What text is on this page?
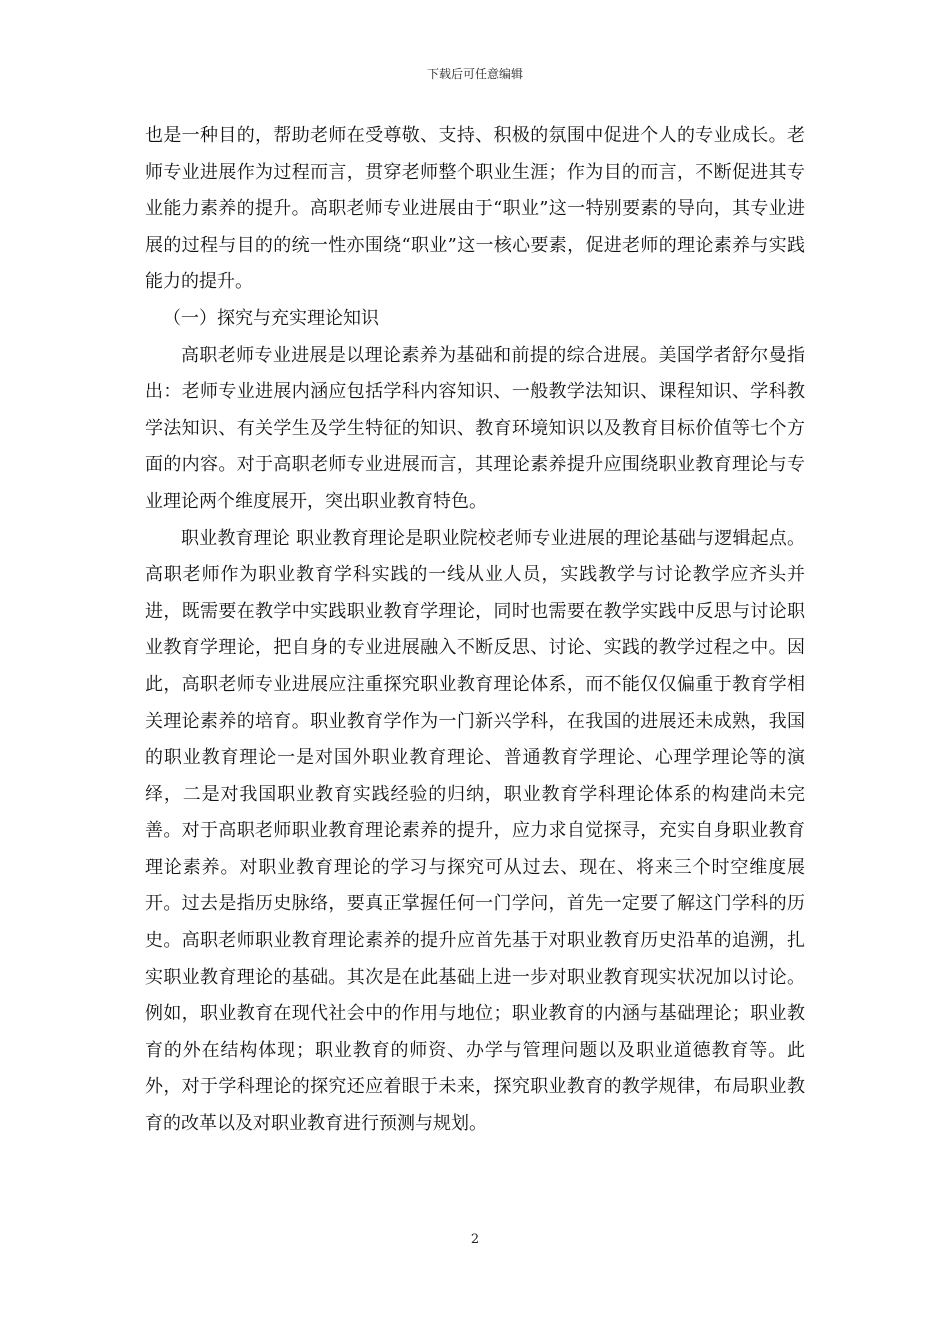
下载后可任意编辑

也是一种目的，帮助老师在受尊敬、支持、积极的氛围中促进个人的专业成长。老师专业进展作为过程而言，贯穿老师整个职业生涯；作为目的而言，不断促进其专业能力素养的提升。高职老师专业进展由于“职业”这一特别要素的导向，其专业进展的过程与目的的统一性亦围绕“职业”这一核心要素，促进老师的理论素养与实践能力的提升。

（一）探究与充实理论知识

高职老师专业进展是以理论素养为基础和前提的综合进展。美国学者舒尔曼指出：老师专业进展内涵应包括学科内容知识、一般教学法知识、课程知识、学科教学法知识、有关学生及学生特征的知识、教育环境知识以及教育目标价值等七个方面的内容。对于高职老师专业进展而言，其理论素养提升应围绕职业教育理论与专业理论两个维度展开，突出职业教育特色。

职业教育理论 职业教育理论是职业院校老师专业进展的理论基础与逻辑起点。高职老师作为职业教育学科实践的一线从业人员，实践教学与讨论教学应齐头并进，既需要在教学中实践职业教育学理论，同时也需要在教学实践中反思与讨论职业教育学理论，把自身的专业进展融入不断反思、讨论、实践的教学过程之中。因此，高职老师专业进展应注重探究职业教育理论体系，而不能仅仅偏重于教育学相关理论素养的培育。职业教育学作为一门新兴学科，在我国的进展还未成熟，我国的职业教育理论一是对国外职业教育理论、普通教育学理论、心理学理论等的演绎，二是对我国职业教育实践经验的归纳，职业教育学科理论体系的构建尚未完善。对于高职老师职业教育理论素养的提升，应力求自觉探寻，充实自身职业教育理论素养。对职业教育理论的学习与探究可从过去、现在、将来三个时空维度展开。过去是指历史脉络，要真正掌握任何一门学问，首先一定要了解这门学科的历史。高职老师职业教育理论素养的提升应首先基于对职业教育历史沿革的追溯，扎实职业教育理论的基础。其次是在此基础上进一步对职业教育现实状况加以讨论。例如，职业教育在现代社会中的作用与地位；职业教育的内涵与基础理论；职业教育的外在结构体现；职业教育的师资、办学与管理问题以及职业道德教育等。此外，对于学科理论的探究还应着眼于未来，探究职业教育的教学规律，布局职业教育的改革以及对职业教育进行预测与规划。

2
